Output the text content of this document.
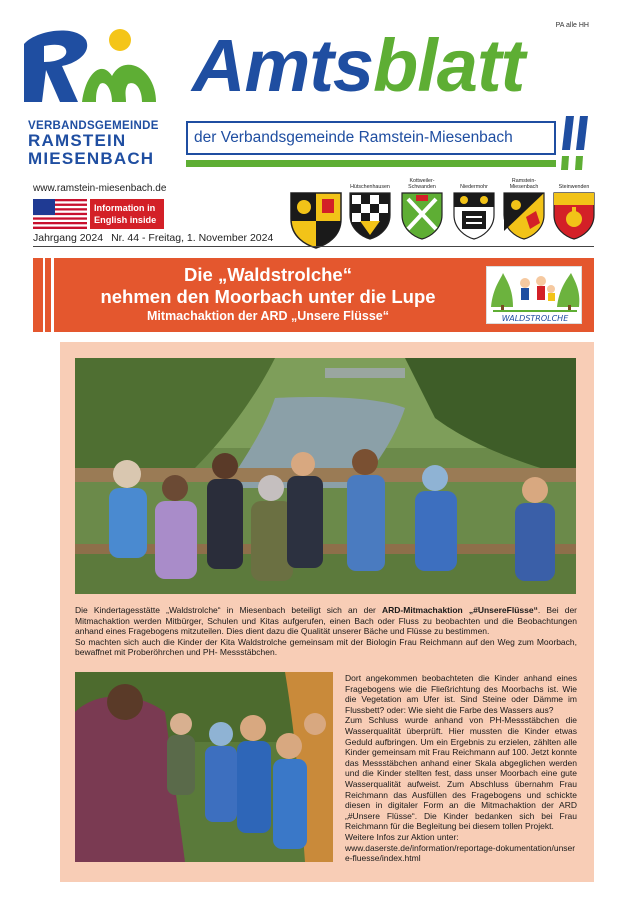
PA alle HH
VERBANDSGEMEINDE
RAMSTEIN
MIESENBACH
Amtsblatt
der Verbandsgemeinde Ramstein-Miesenbach
www.ramstein-miesenbach.de
Information in
English inside
Jahrgang 2024 Nr. 44 - Freitag, 1. November 2024
Hütschenhausen
Kottweiler-Schwanden	Niedermohr
Ramstein-Miesenbach	Steinwenden
Die „Waldstrolche“
nehmen den Moorbach unter die Lupe
Mitmachaktion der ARD „Unsere Flüsse“	WALDSTROLCHE
Die Kindertagesstätte „Waldstrolche“ in Miesenbach beteiligt sich an der ARD-Mitmachaktion „#UnsereFlüsse“. Bei der Mitmachaktion werden Mitbürger, Schulen und Kitas aufgerufen, einen Bach oder Fluss zu beobachten und die Beobachtungen anhand eines Fragebogens mitzuteilen. Dies dient dazu die Qualität unserer Bäche und Flüsse zu bestimmen.
So machten sich auch die Kinder der Kita Waldstrolche gemeinsam mit der Biologin Frau Reichmann auf den Weg zum Moorbach, bewaffnet mit Proberöhrchen und PH- Messstäbchen.

Dort angekommen beobachteten die Kinder anhand eines Fragebogens wie die Fließrichtung des Moorbachs ist. Wie die Vegetation am Ufer ist. Sind Steine oder Dämme im Flussbett? oder: Wie sieht die Farbe des Wassers aus?

Zum Schluss wurde anhand von PH-Messstäbchen die Wasserqualität überprüft. Hier mussten die Kinder etwas Geduld aufbringen. Um ein Ergebnis zu erzielen, zählten alle Kinder gemeinsam mit Frau Reichmann auf 100. Jetzt konnte das Messstäbchen anhand einer Skala abgeglichen werden und die Kinder stellten fest, dass unser Moorbach eine gute Wasserqualität aufweist. Zum Abschluss übernahm Frau Reichmann das Ausfüllen des Fragebogens und schickte diesen in digitaler Form an die Mitmachaktion der ARD „#Unsere Flüsse“. Die Kinder bedanken sich bei Frau Reichmann für die Begleitung bei diesem tollen Projekt.

Weitere Infos zur Aktion unter:

www.daserste.de/information/reportage-dokumentation/unsere-fluesse/index.html
